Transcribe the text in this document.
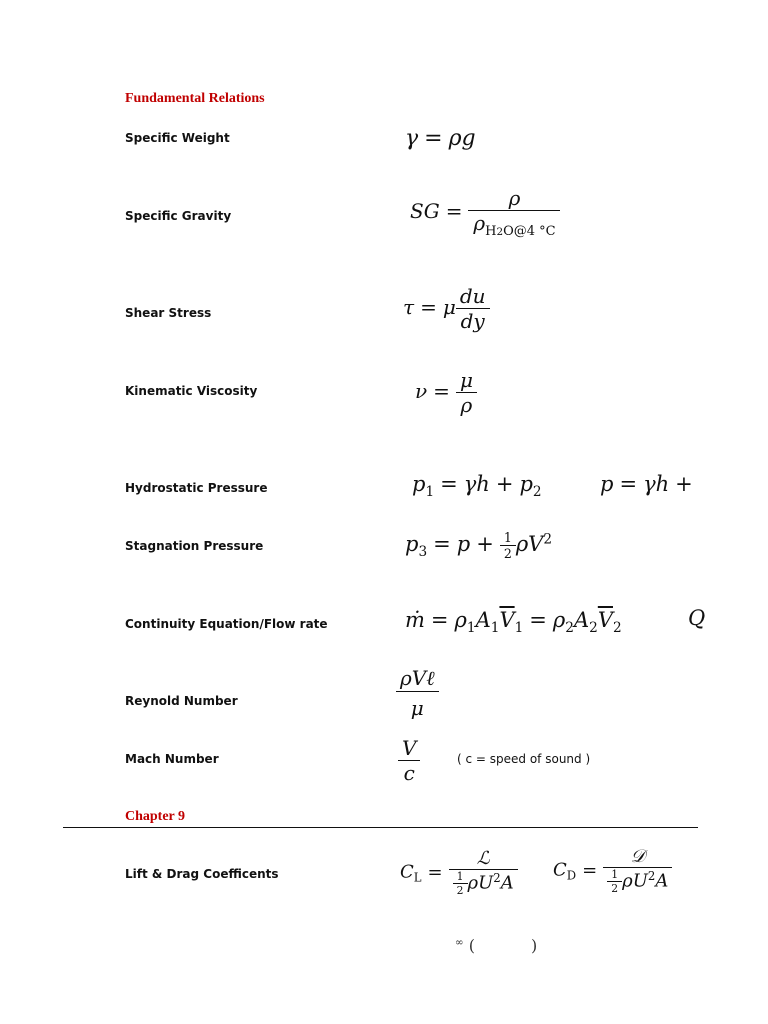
Fundamental Relations
Specific Weight	γ = ρg
Specific Gravity	SG = $\frac{\rho}{\rho_{H2O@4 ^\circ C}}$
Shear Stress	τ = μ $\frac{du}{dy}$
Kinematic Viscosity	$\nu = \frac{\mu}{\rho}$
Hydrostatic Pressure	$p_1 = \gamma h + p_2$	p = γh +
Stagnation Pressure	$p_3 = p + \frac{1}{2} \rho V^2$
Continuity Equation/Flow rate	ṁ = $\rho_1A_1\overline{V}_1 = \rho_2A_2\overline{V}_2$	Q
Reynold Number	$\frac{\text{ρVℓ}}{\mu}$
Mach Number	$\frac{V}{c}$	( c = speed of sound )
Chapter 9
Lift & Drag Coefficents	$C_L = \frac{\text{ℒ}}{\frac{1}{2} \rho U^2A} C_D = \frac{\text{𝒟}}{\frac{1}{2} \rho U^2A}$
∞ (	)
